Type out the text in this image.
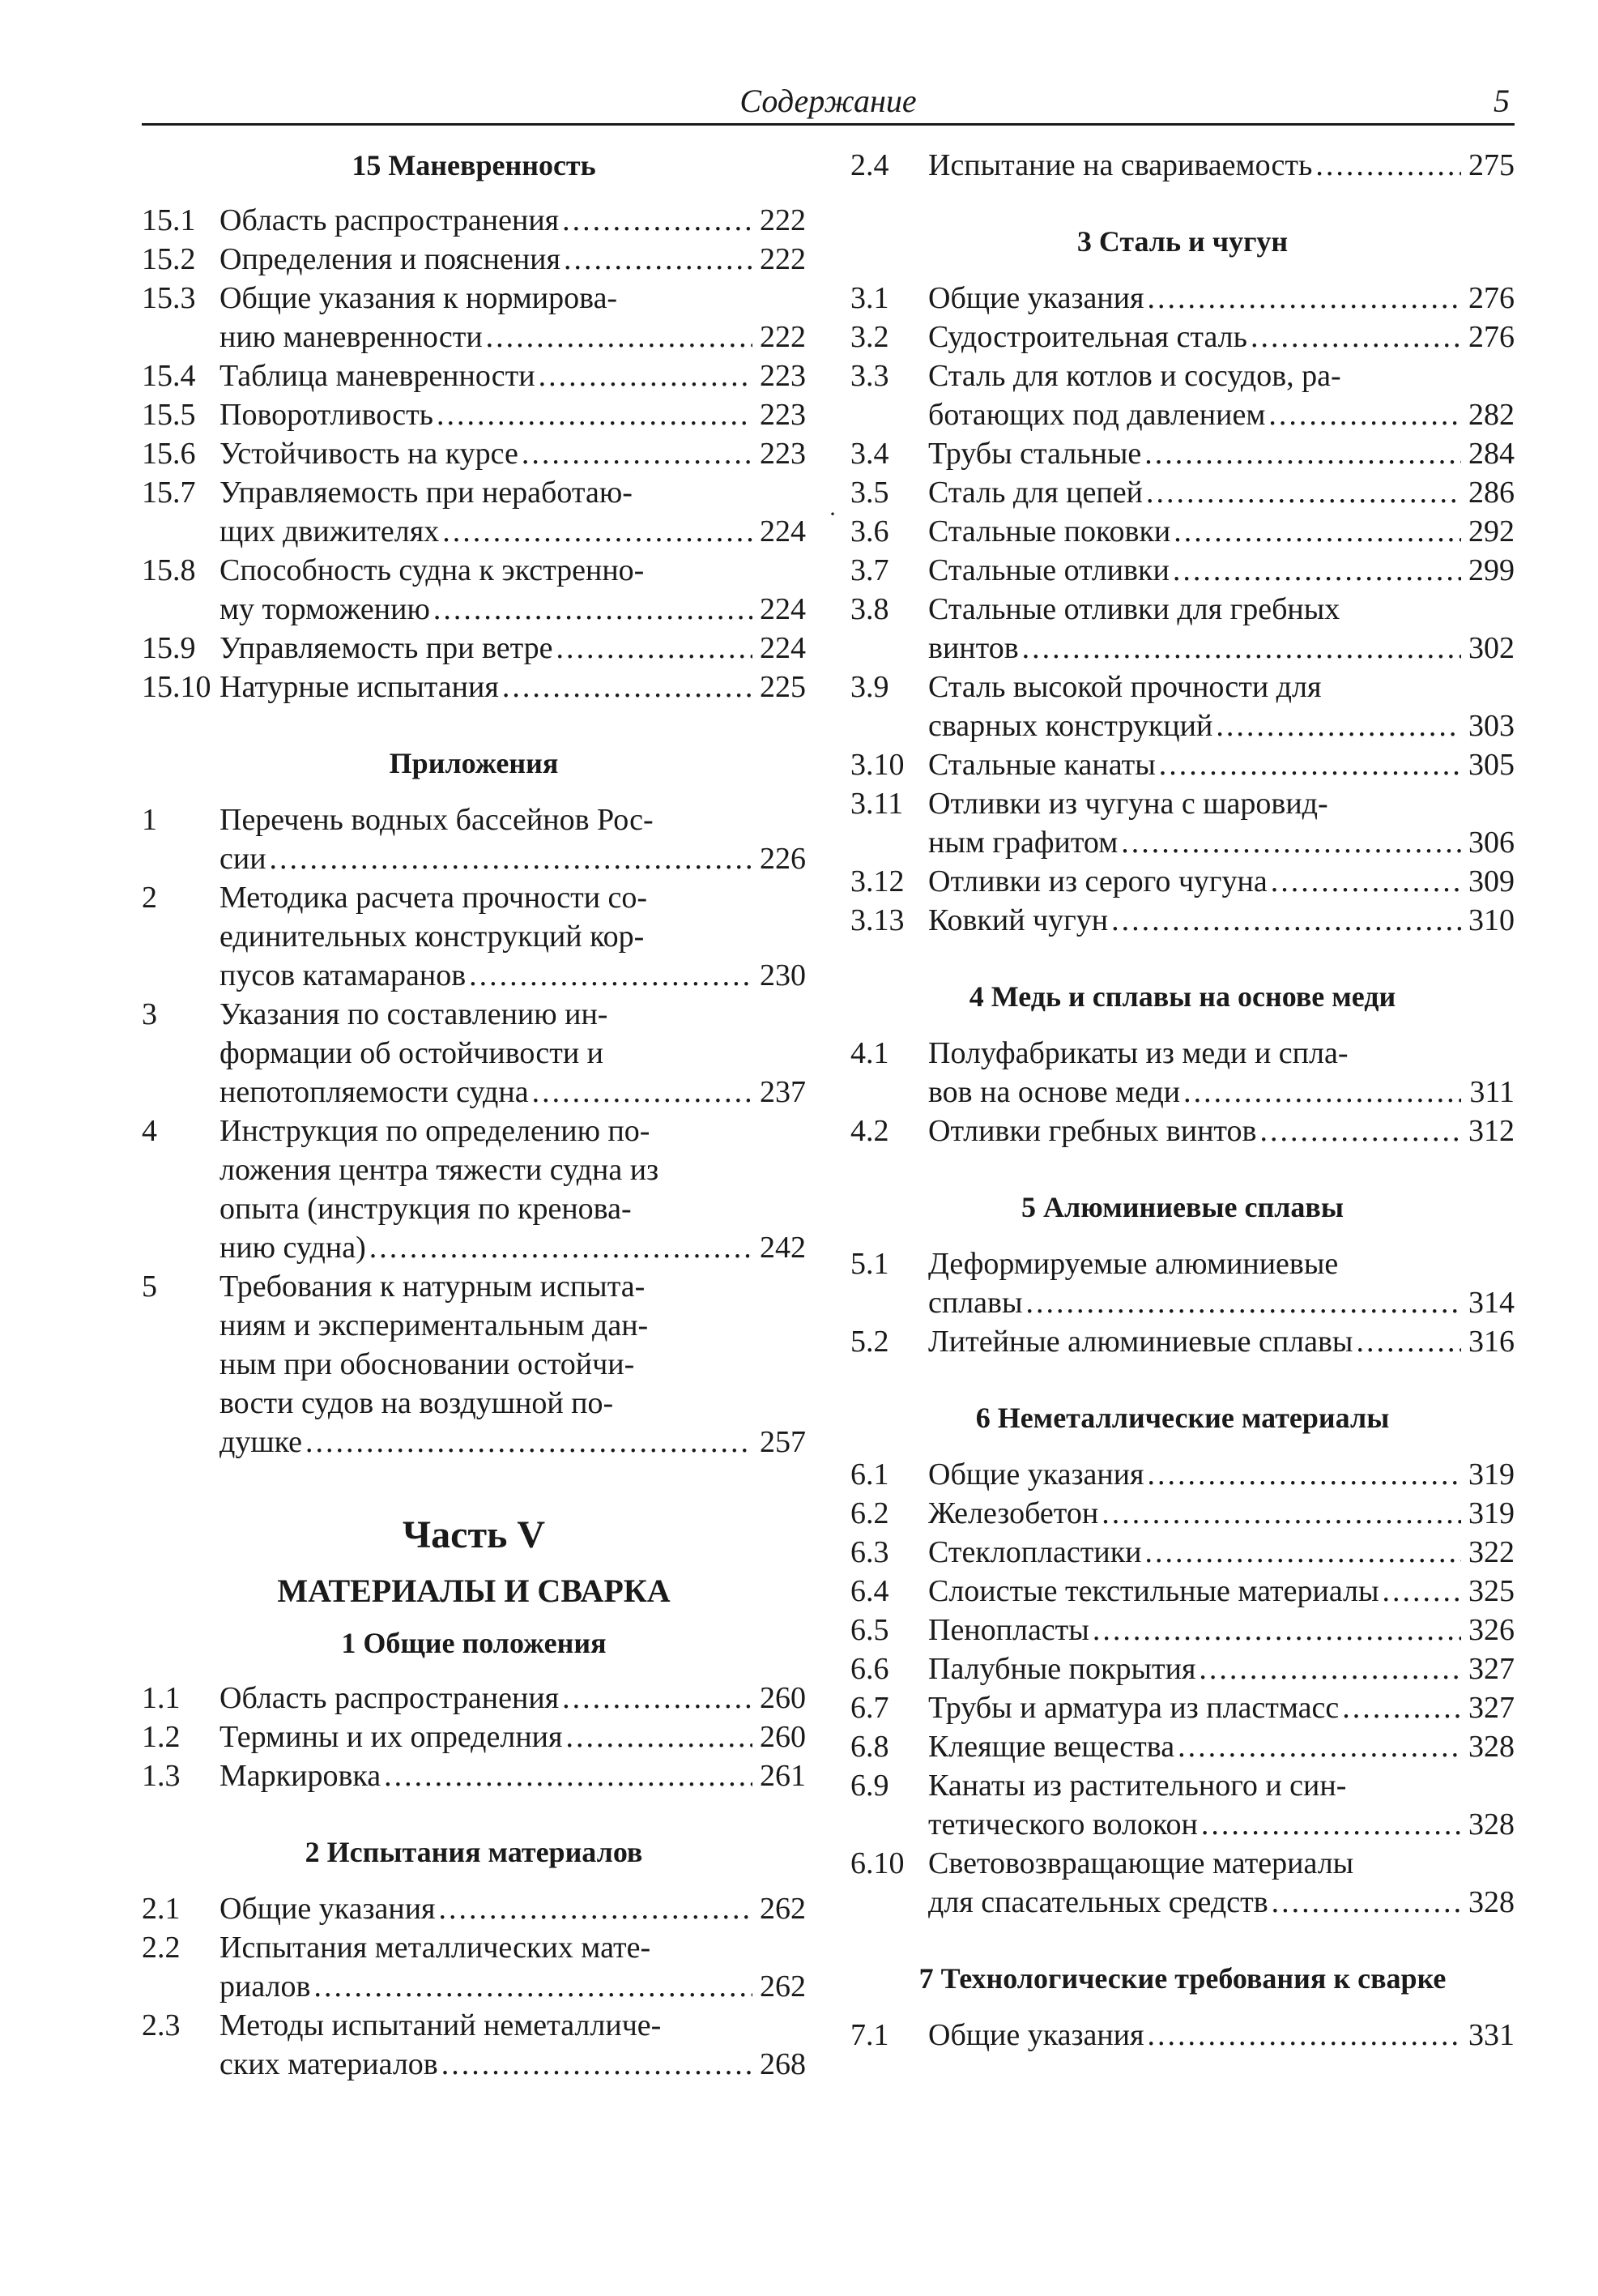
Содержание	5
·
15 Маневренность
15.1 Область распространения .....	222
15.2 Определения и пояснения .....	222
15.3 Общие указания к нормирова-
нию маневренности .....	222
15.4 Таблица маневренности .....	223
15.5 Поворотливость .....	223
15.6 Устойчивость на курсе .....	223
15.7 Управляемость при неработаю-
щих движителях .....	224
15.8 Способность судна к экстренно-
му торможению .....	224
15.9 Управляемость при ветре .....	224
15.10 Натурные испытания .....	225
Приложения
1	Перечень водных бассейнов Рос-
сии .....	226
2	Методика расчета прочности со-
единительных конструкций кор-
пусов катамаранов .....	230
3	Указания по составлению ин-
формации об остойчивости и
непотопляемости судна .....	237
4	Инструкция по определению по-
ложения центра тяжести судна из
опыта (инструкция по кренова-
нию судна) .....	242
5	Требования к натурным испыта-
ниям и экспериментальным дан-
ным при обосновании остойчи-
вости судов на воздушной по-
душке .....	257
Часть V
МАТЕРИАЛЫ И СВАРКА
1 Общие положения
1.1	Область распространения .....	260
1.2	Термины и их определния .....	260
1.3	Маркировка .....	261
2 Испытания материалов
2.1	Общие указания .....	262
2.2	Испытания металлических мате-
риалов .....	262
2.3	Методы испытаний неметалличе-
ских материалов .....	268
2.4	Испытание на свариваемость .....	275
3 Сталь и чугун
3.1	Общие указания .....	276
3.2	Судостроительная сталь .....	276
3.3	Сталь для котлов и сосудов, ра-
ботающих под давлением .....	282
3.4	Трубы стальные .....	284
3.5	Сталь для цепей .....	286
3.6	Стальные поковки .....	292
3.7	Стальные отливки .....	299
3.8	Стальные отливки для гребных
винтов .....	302
3.9	Сталь высокой прочности для
сварных конструкций .....	303
3.10 Стальные канаты .....	305
3.11 Отливки из чугуна с шаровид-
ным графитом .....	306
3.12 Отливки из серого чугуна .....	309
3.13 Ковкий чугун .....	310
4 Медь и сплавы на основе меди
4.1	Полуфабрикаты из меди и спла-
вов на основе меди .....	311
4.2	Отливки гребных винтов .....	312
5 Алюминиевые сплавы
5.1	Деформируемые алюминиевые
сплавы .....	314
5.2	Литейные алюминиевые сплавы .....	316
6 Неметаллические материалы
6.1	Общие указания .....	319
6.2	Железобетон .....	319
6.3	Стеклопластики .....	322
6.4	Слоистые текстильные материалы .....	325
6.5	Пенопласты .....	326
6.6	Палубные покрытия .....	327
6.7	Трубы и арматура из пластмасс .....	327
6.8	Клеящие вещества .....	328
6.9	Канаты из растительного и син-
тетического волокон .....	328
6.10 Световозвращающие материалы
для спасательных средств .....	328
7 Технологические требования к сварке
7.1	Общие указания .....	331
